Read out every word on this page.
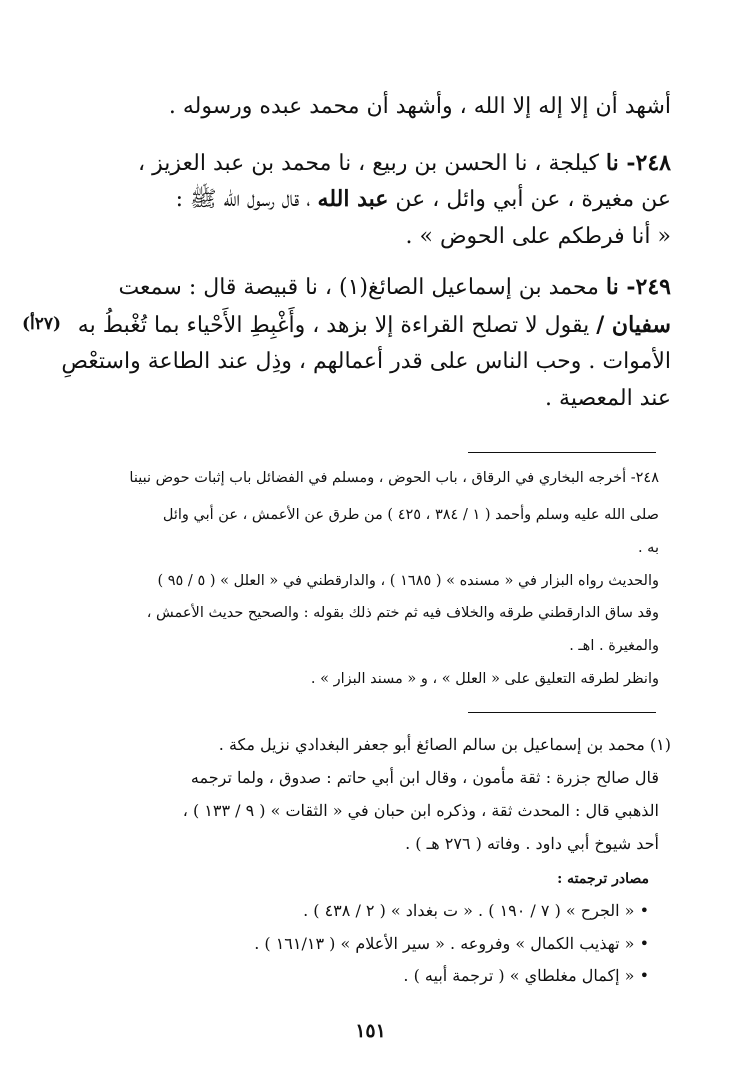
أشهد أن إلا إله إلا الله ، وأشهد أن محمد عبده ورسوله .
٢٤٨- نا كيلجة ، نا الحسن بن ربيع ، نا محمد بن عبد العزيز ،
عن مغيرة ، عن أبي وائل ، عن عبد الله ، قال رسول الله ﷺ :
« أنا فرطكم على الحوض » .
٢٤٩- نا محمد بن إسماعيل الصائغ(١) ، نا قبيصة قال : سمعت
سفيان / يقول لا تصلح القراءة إلا بزهد ، وأَغْبِطِ الأَحْياء بما تُغْبطُ به
(٢٧أ)
الأموات . وحب الناس على قدر أعمالهم ، وذِل عند الطاعة واستعْصِ
عند المعصية .
٢٤٨- أخرجه البخاري في الرقاق ، باب الحوض ، ومسلم في الفضائل باب إثبات حوض نبينا
صلى الله عليه وسلم وأحمد ( ١ / ٣٨٤ ، ٤٢٥ ) من طرق عن الأعمش ، عن أبي وائل
به .
والحديث رواه البزار في « مسنده » ( ١٦٨٥ ) ، والدارقطني في « العلل » ( ٥ / ٩٥ )
وقد ساق الدارقطني طرقه والخلاف فيه ثم ختم ذلك بقوله : والصحيح حديث الأعمش ،
والمغيرة . اهـ .
وانظر لطرقه التعليق على « العلل » ، و « مسند البزار » .
(١) محمد بن إسماعيل بن سالم الصائغ أبو جعفر البغدادي نزيل مكة .
قال صالح جزرة : ثقة مأمون ، وقال ابن أبي حاتم : صدوق ، ولما ترجمه
الذهبي قال : المحدث ثقة ، وذكره ابن حبان في « الثقات » ( ٩ / ١٣٣ ) ،
أحد شيوخ أبي داود . وفاته ( ٢٧٦ هـ ) .
مصادر ترجمته :
• « الجرح » ( ٧ / ١٩٠ ) . « ت بغداد » ( ٢ / ٤٣٨ ) .
• « تهذيب الكمال » وفروعه . « سير الأعلام » ( ١٦١/١٣ ) .
• « إكمال مغلطاي » ( ترجمة أبيه ) .
١٥١
